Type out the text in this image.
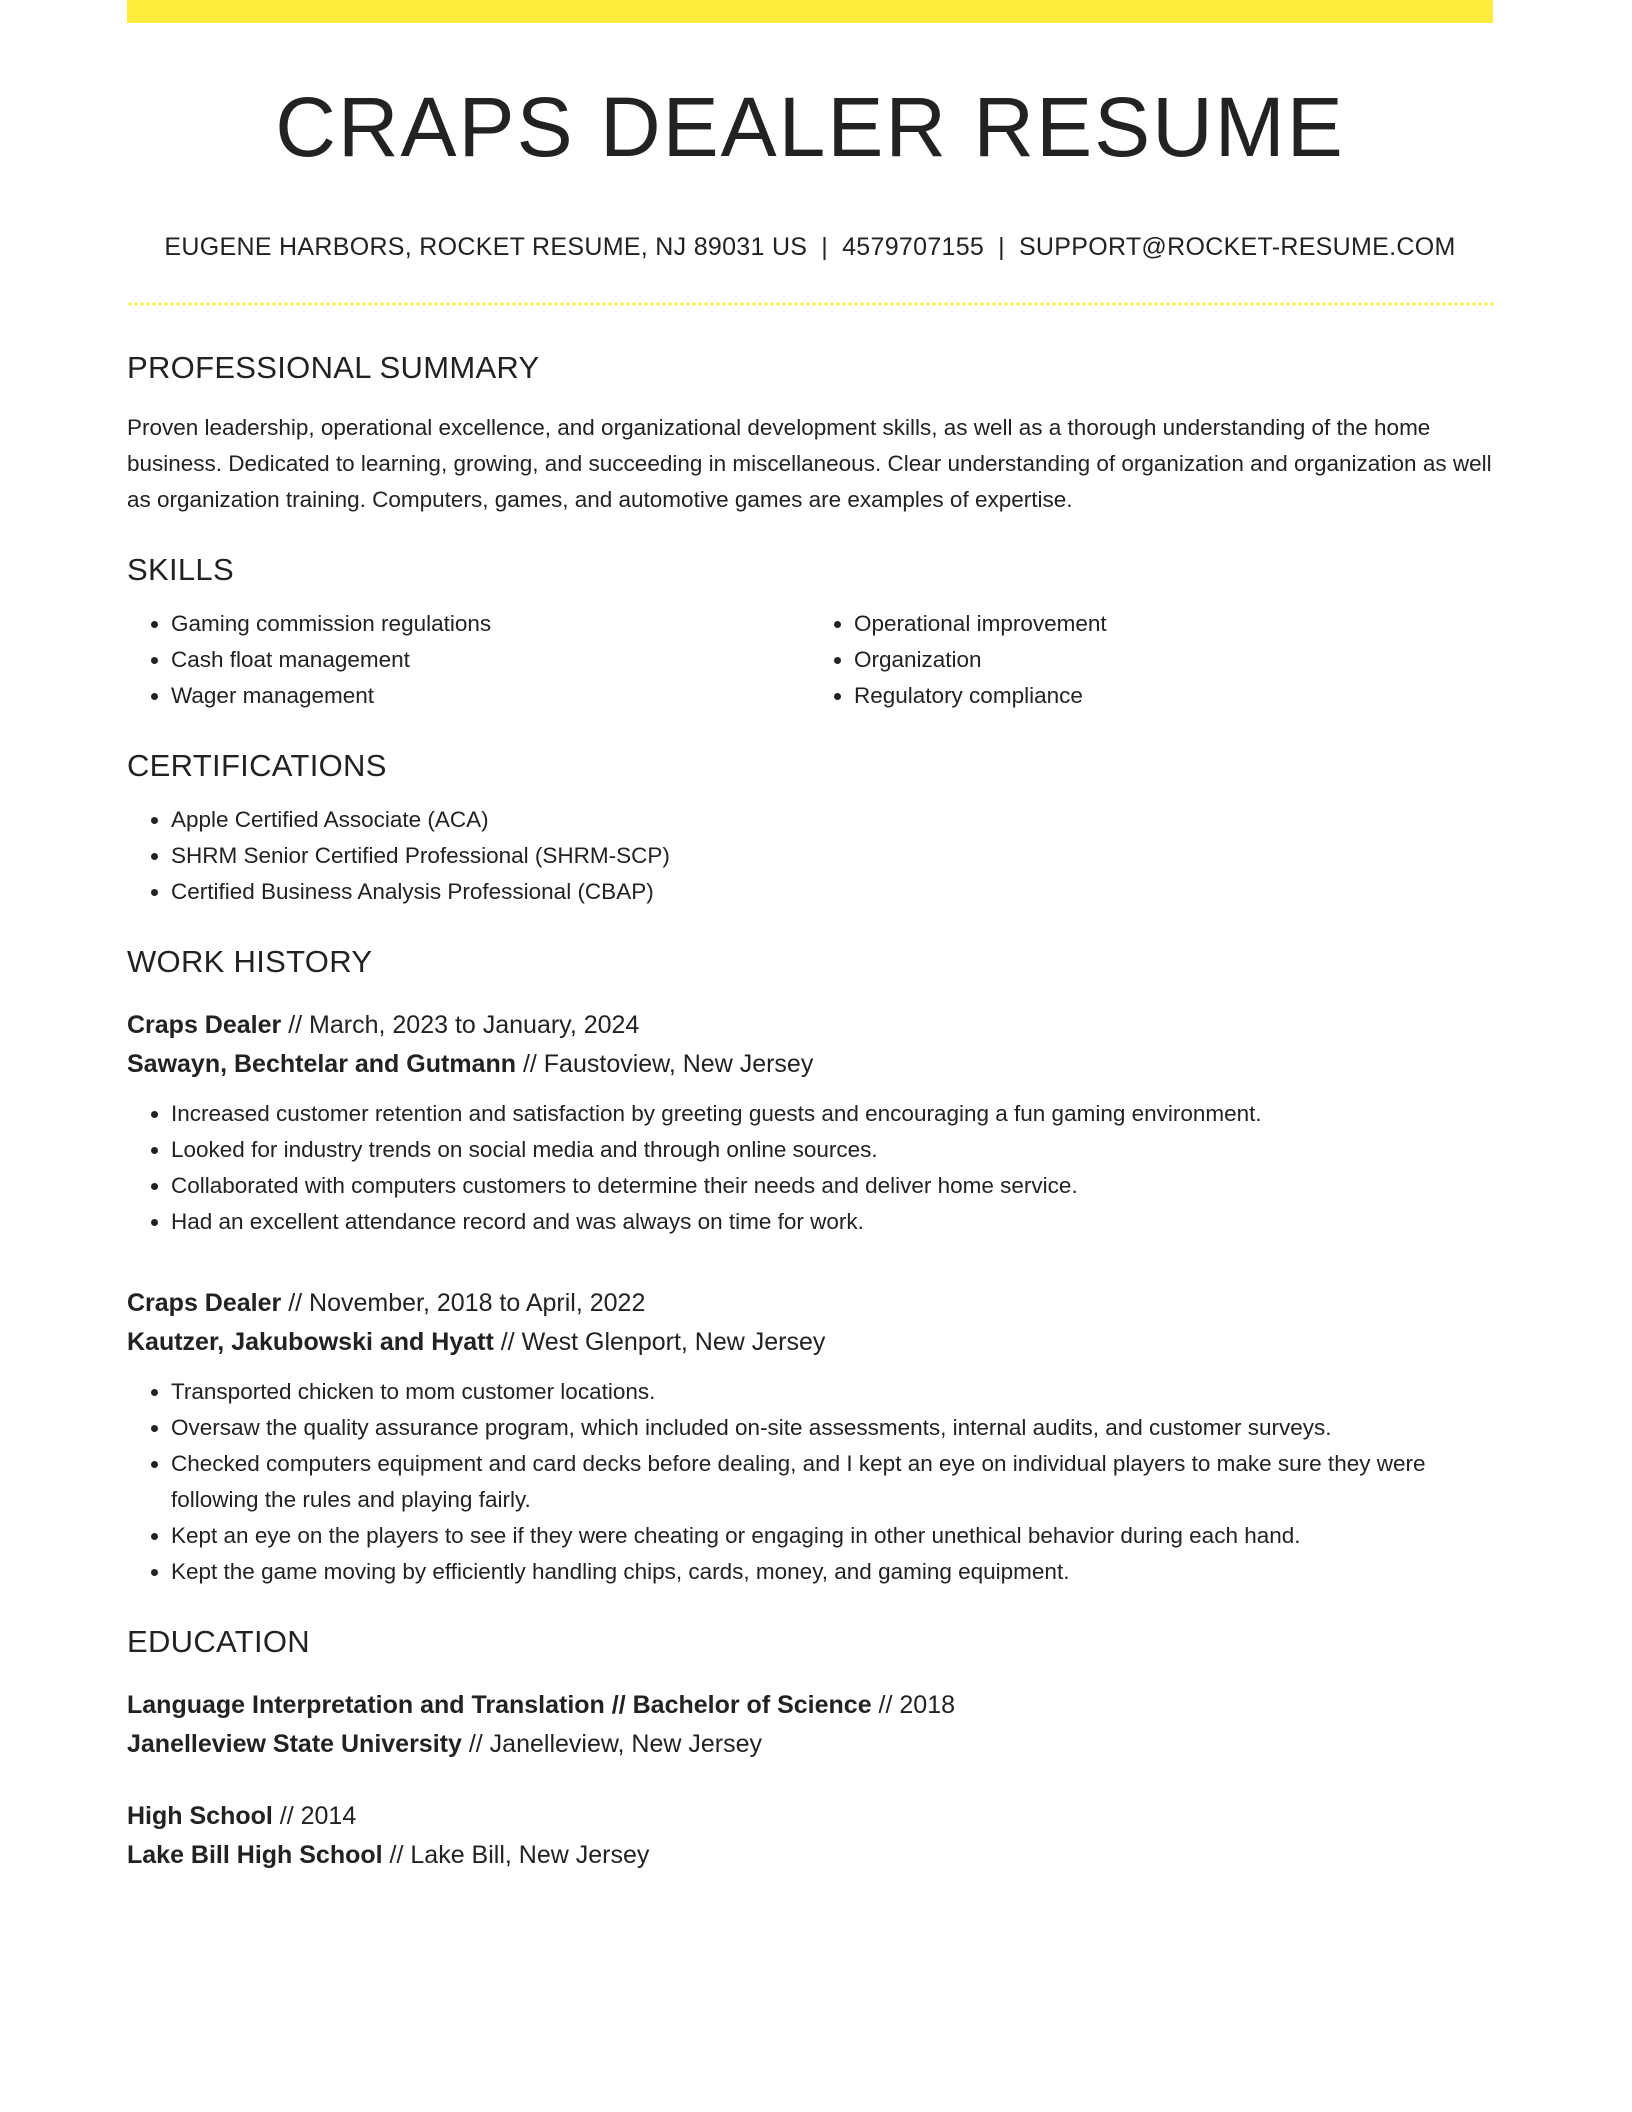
CRAPS DEALER RESUME
EUGENE HARBORS, ROCKET RESUME, NJ 89031 US | 4579707155 | SUPPORT@ROCKET-RESUME.COM
PROFESSIONAL SUMMARY

Proven leadership, operational excellence, and organizational development skills, as well as a thorough understanding of the home business. Dedicated to learning, growing, and succeeding in miscellaneous. Clear understanding of organization and organization as well as organization training. Computers, games, and automotive games are examples of expertise.

SKILLS
• Gaming commission regulations
• Cash float management
• Wager management
• Operational improvement
• Organization
• Regulatory compliance
CERTIFICATIONS
• Apple Certified Associate (ACA)
• SHRM Senior Certified Professional (SHRM-SCP)
• Certified Business Analysis Professional (CBAP)
WORK HISTORY
Craps Dealer // March, 2023 to January, 2024
Sawayn, Bechtelar and Gutmann // Faustoview, New Jersey
• Increased customer retention and satisfaction by greeting guests and encouraging a fun gaming environment.
• Looked for industry trends on social media and through online sources.
• Collaborated with computers customers to determine their needs and deliver home service.
• Had an excellent attendance record and was always on time for work.
Craps Dealer // November, 2018 to April, 2022
Kautzer, Jakubowski and Hyatt // West Glenport, New Jersey
• Transported chicken to mom customer locations.
• Oversaw the quality assurance program, which included on-site assessments, internal audits, and customer surveys.
• Checked computers equipment and card decks before dealing, and I kept an eye on individual players to make sure they were following the rules and playing fairly.
• Kept an eye on the players to see if they were cheating or engaging in other unethical behavior during each hand.
• Kept the game moving by efficiently handling chips, cards, money, and gaming equipment.
EDUCATION
Language Interpretation and Translation // Bachelor of Science // 2018
Janelleview State University // Janelleview, New Jersey
High School // 2014
Lake Bill High School // Lake Bill, New Jersey
